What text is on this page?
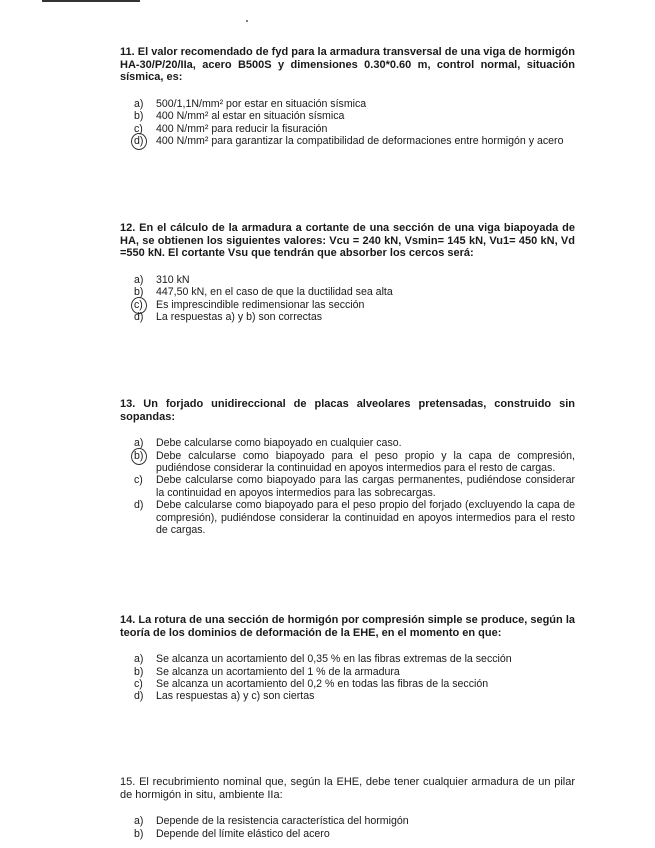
11. El valor recomendado de fyd para la armadura transversal de una viga de hormigón HA-30/P/20/IIa, acero B500S y dimensiones 0.30*0.60 m, control normal, situación sísmica, es:

a)	500/1,1N/mm² por estar en situación sísmica
b)	400 N/mm² al estar en situación sísmica
c)	400 N/mm² para reducir la fisuración
d)	400 N/mm² para garantizar la compatibilidad de deformaciones entre hormigón y acero

12. En el cálculo de la armadura a cortante de una sección de una viga biapoyada de HA, se obtienen los siguientes valores: Vcu = 240 kN, Vsmin= 145 kN, Vu1= 450 kN, Vd =550 kN. El cortante Vsu que tendrán que absorber los cercos será:

a)	310 kN
b)	447,50 kN, en el caso de que la ductilidad sea alta
c)	Es imprescindible redimensionar las sección
d)	La respuestas a) y b) son correctas

13. Un forjado unidireccional de placas alveolares pretensadas, construido sin sopandas:

a)	Debe calcularse como biapoyado en cualquier caso.
b)	Debe calcularse como biapoyado para el peso propio y la capa de compresión, pudiéndose considerar la continuidad en apoyos intermedios para el resto de cargas.
c)	Debe calcularse como biapoyado para las cargas permanentes, pudiéndose considerar la continuidad en apoyos intermedios para las sobrecargas.
d)	Debe calcularse como biapoyado para el peso propio del forjado (excluyendo la capa de compresión), pudiéndose considerar la continuidad en apoyos intermedios para el resto de cargas.

14. La rotura de una sección de hormigón por compresión simple se produce, según la teoría de los dominios de deformación de la EHE, en el momento en que:

a)	Se alcanza un acortamiento del 0,35 % en las fibras extremas de la sección
b)	Se alcanza un acortamiento del 1 % de la armadura
c)	Se alcanza un acortamiento del 0,2 % en todas las fibras de la sección
d)	Las respuestas a) y c) son ciertas

15. El recubrimiento nominal que, según la EHE, debe tener cualquier armadura de un pilar de hormigón in situ, ambiente IIa:

a)	Depende de la resistencia característica del hormigón
b)	Depende del límite elástico del acero
